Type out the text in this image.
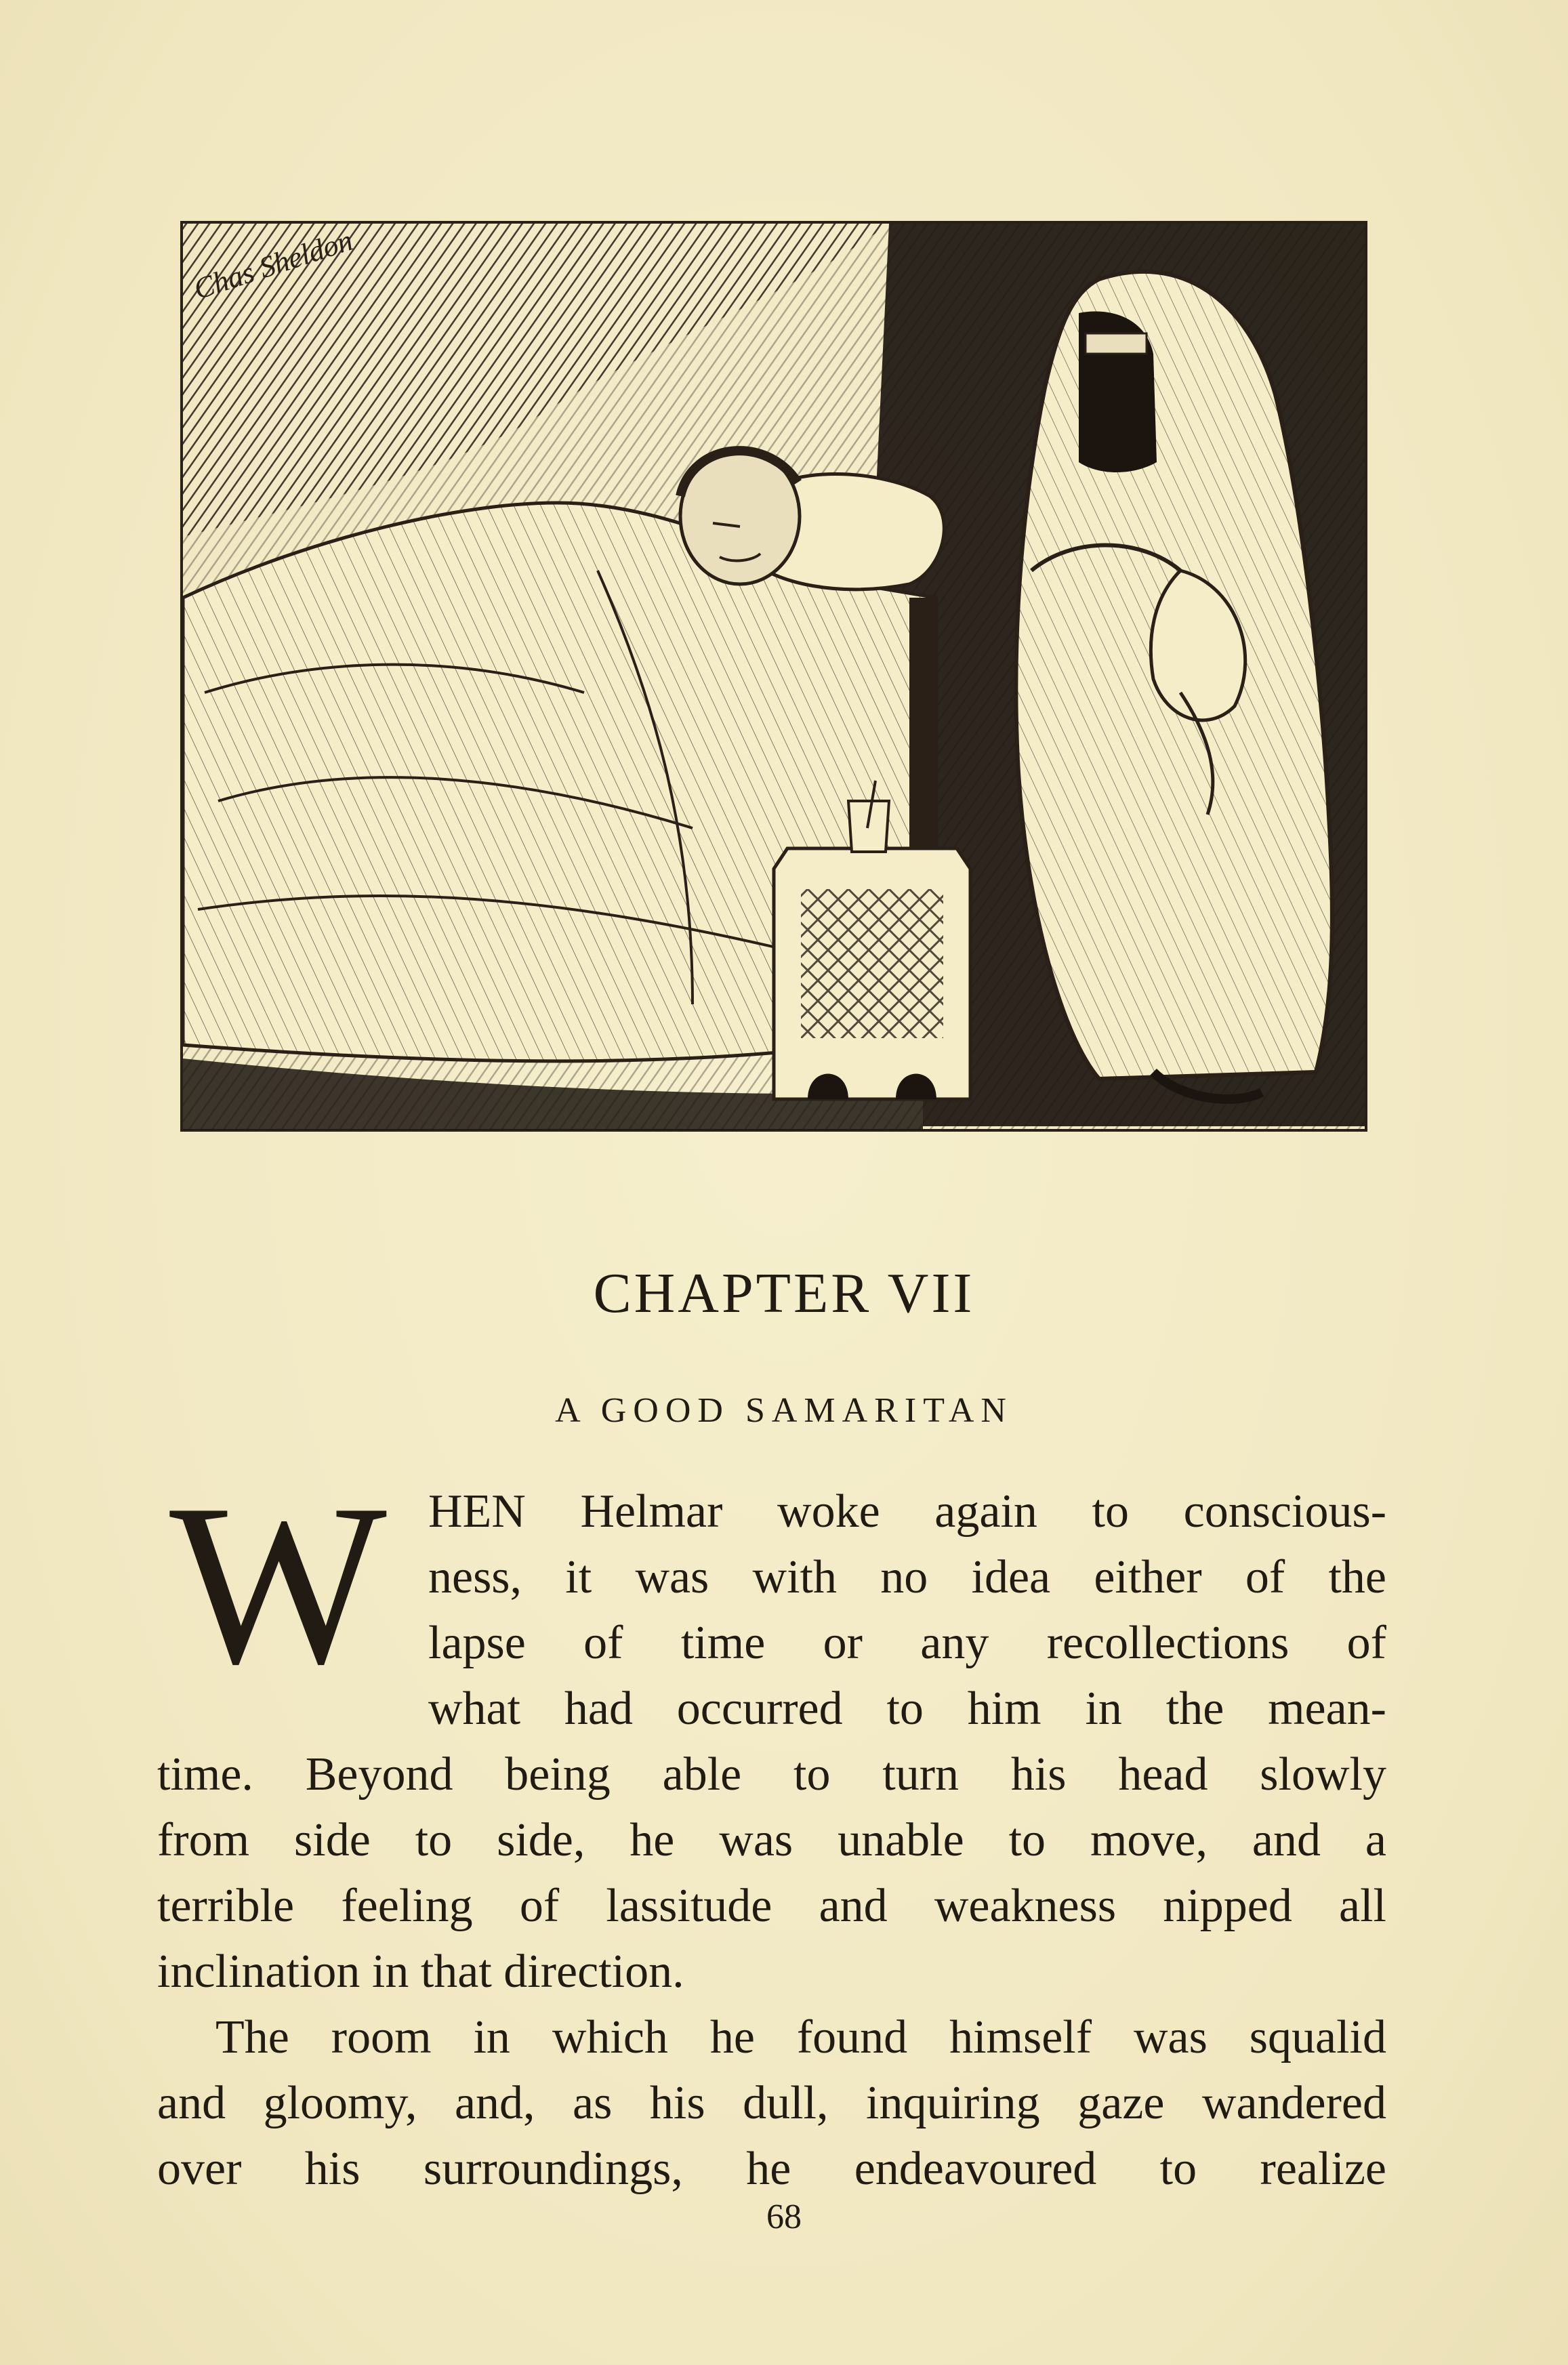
Chas Sheldon
CHAPTER VII
A GOOD SAMARITAN
W HEN Helmar woke again to conscious-
ness, it was with no idea either of the
lapse of time or any recollections of
what had occurred to him in the mean-
time. Beyond being able to turn his head slowly
from side to side, he was unable to move, and a
terrible feeling of lassitude and weakness nipped all
inclination in that direction.
The room in which he found himself was squalid
and gloomy, and, as his dull, inquiring gaze wandered
over his surroundings, he endeavoured to realize
68
